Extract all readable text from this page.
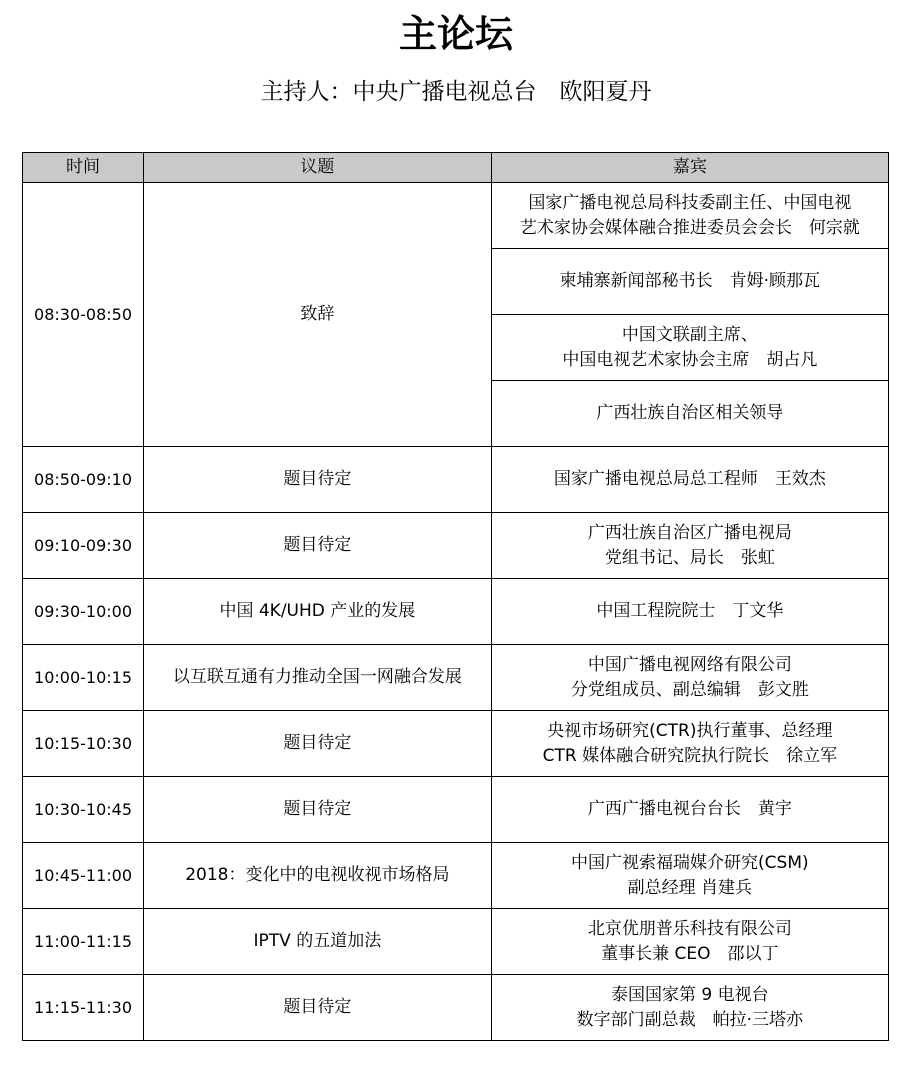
主论坛
主持人：中央广播电视总台　欧阳夏丹
时间	议题	嘉宾
08:30-08:50	致辞	国家广播电视总局科技委副主任、中国电视
艺术家协会媒体融合推进委员会会长　何宗就

		柬埔寨新闻部秘书长　肯姆·顾那瓦

		中国文联副主席、
中国电视艺术家协会主席　胡占凡

		广西壮族自治区相关领导

08:50-09:10	题目待定	国家广播电视总局总工程师　王效杰

09:10-09:30	题目待定	广西壮族自治区广播电视局
党组书记、局长　张虹

09:30-10:00	中国 4K/UHD 产业的发展	中国工程院院士　丁文华

10:00-10:15	以互联互通有力推动全国一网融合发展	中国广播电视网络有限公司
分党组成员、副总编辑　彭文胜

10:15-10:30	题目待定	央视市场研究(CTR)执行董事、总经理
CTR 媒体融合研究院执行院长　徐立军

10:30-10:45	题目待定	广西广播电视台台长　黄宇

10:45-11:00	2018：变化中的电视收视市场格局	中国广视索福瑞媒介研究(CSM)
副总经理 肖建兵

11:00-11:15	IPTV 的五道加法	北京优朋普乐科技有限公司
董事长兼 CEO　邵以丁

11:15-11:30	题目待定	泰国国家第 9 电视台
数字部门副总裁　帕拉·三塔亦
